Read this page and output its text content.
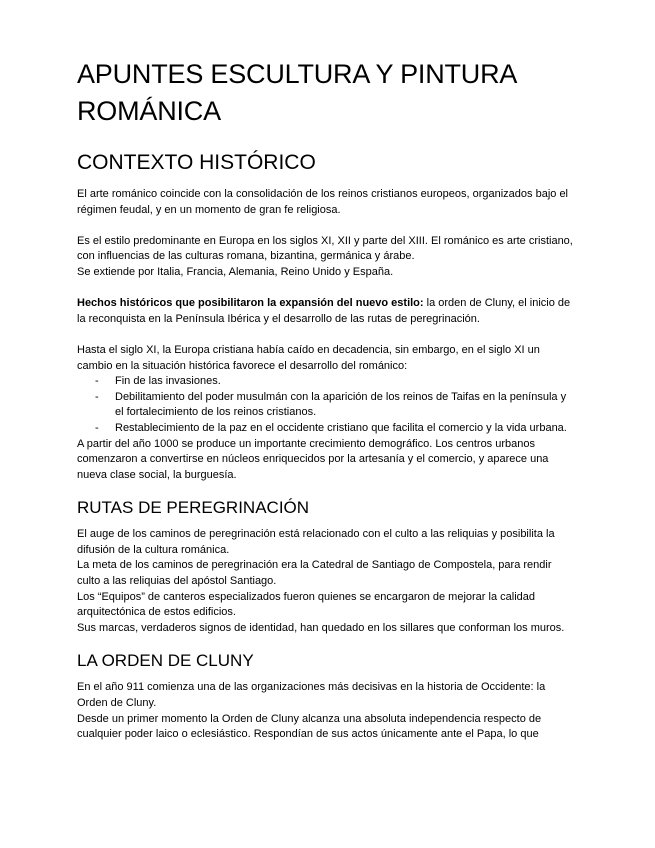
APUNTES ESCULTURA Y PINTURA ROMÁNICA
CONTEXTO HISTÓRICO

El arte románico coincide con la consolidación de los reinos cristianos europeos, organizados bajo el régimen feudal, y en un momento de gran fe religiosa.

Es el estilo predominante en Europa en los siglos XI, XII y parte del XIII. El románico es arte cristiano, con influencias de las culturas romana, bizantina, germánica y árabe.

Se extiende por Italia, Francia, Alemania, Reino Unido y España.

Hechos históricos que posibilitaron la expansión del nuevo estilo: la orden de Cluny, el inicio de la reconquista en la Península Ibérica y el desarrollo de las rutas de peregrinación.

Hasta el siglo XI, la Europa cristiana había caído en decadencia, sin embargo, en el siglo XI un cambio en la situación histórica favorece el desarrollo del románico:

- Fin de las invasiones.
- Debilitamiento del poder musulmán con la aparición de los reinos de Taifas en la península y el fortalecimiento de los reinos cristianos.
- Restablecimiento de la paz en el occidente cristiano que facilita el comercio y la vida urbana.

A partir del año 1000 se produce un importante crecimiento demográfico. Los centros urbanos comenzaron a convertirse en núcleos enriquecidos por la artesanía y el comercio, y aparece una nueva clase social, la burguesía.

RUTAS DE PEREGRINACIÓN

El auge de los caminos de peregrinación está relacionado con el culto a las reliquias y posibilita la difusión de la cultura románica.

La meta de los caminos de peregrinación era la Catedral de Santiago de Compostela, para rendir culto a las reliquias del apóstol Santiago.

Los “Equipos” de canteros especializados fueron quienes se encargaron de mejorar la calidad arquitectónica de estos edificios.

Sus marcas, verdaderos signos de identidad, han quedado en los sillares que conforman los muros.

LA ORDEN DE CLUNY

En el año 911 comienza una de las organizaciones más decisivas en la historia de Occidente: la Orden de Cluny.

Desde un primer momento la Orden de Cluny alcanza una absoluta independencia respecto de cualquier poder laico o eclesiástico. Respondían de sus actos únicamente ante el Papa, lo que
